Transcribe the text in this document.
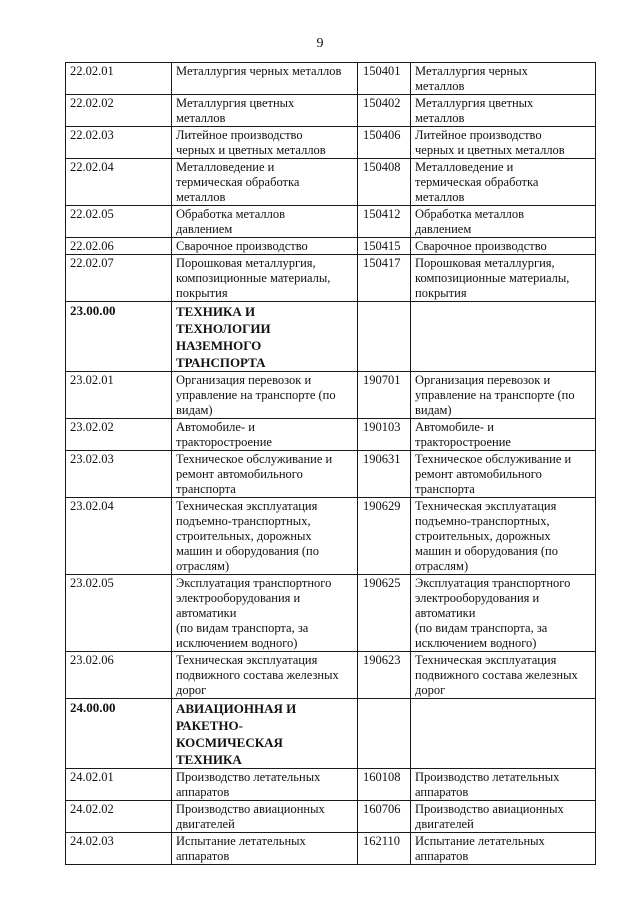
9
22.02.01	Металлургия черных металлов	150401	Металлургия черных
металлов
22.02.02	Металлургия цветных
металлов	150402	Металлургия цветных
металлов
22.02.03	Литейное производство
черных и цветных металлов	150406	Литейное производство
черных и цветных металлов
22.02.04	Металловедение и
термическая обработка
металлов	150408	Металловедение и
термическая обработка
металлов
22.02.05	Обработка металлов
давлением	150412	Обработка металлов
давлением
22.02.06	Сварочное производство	150415	Сварочное производство
22.02.07	Порошковая металлургия,
композиционные материалы,
покрытия	150417	Порошковая металлургия,
композиционные материалы,
покрытия
23.00.00	ТЕХНИКА И
ТЕХНОЛОГИИ
НАЗЕМНОГО
ТРАНСПОРТА		
23.02.01	Организация перевозок и
управление на транспорте (по
видам)	190701	Организация перевозок и
управление на транспорте (по
видам)
23.02.02	Автомобиле- и
тракторостроение	190103	Автомобиле- и
тракторостроение
23.02.03	Техническое обслуживание и
ремонт автомобильного
транспорта	190631	Техническое обслуживание и
ремонт автомобильного
транспорта
23.02.04	Техническая эксплуатация
подъемно-транспортных,
строительных, дорожных
машин и оборудования (по
отраслям)	190629	Техническая эксплуатация
подъемно-транспортных,
строительных, дорожных
машин и оборудования (по
отраслям)
23.02.05	Эксплуатация транспортного
электрооборудования и
автоматики
(по видам транспорта, за
исключением водного)	190625	Эксплуатация транспортного
электрооборудования и
автоматики
(по видам транспорта, за
исключением водного)
23.02.06	Техническая эксплуатация
подвижного состава железных
дорог	190623	Техническая эксплуатация
подвижного состава железных
дорог
24.00.00	АВИАЦИОННАЯ И
РАКЕТНО-
КОСМИЧЕСКАЯ
ТЕХНИКА		
24.02.01	Производство летательных
аппаратов	160108	Производство летательных
аппаратов
24.02.02	Производство авиационных
двигателей	160706	Производство авиационных
двигателей
24.02.03	Испытание летательных
аппаратов	162110	Испытание летательных
аппаратов
